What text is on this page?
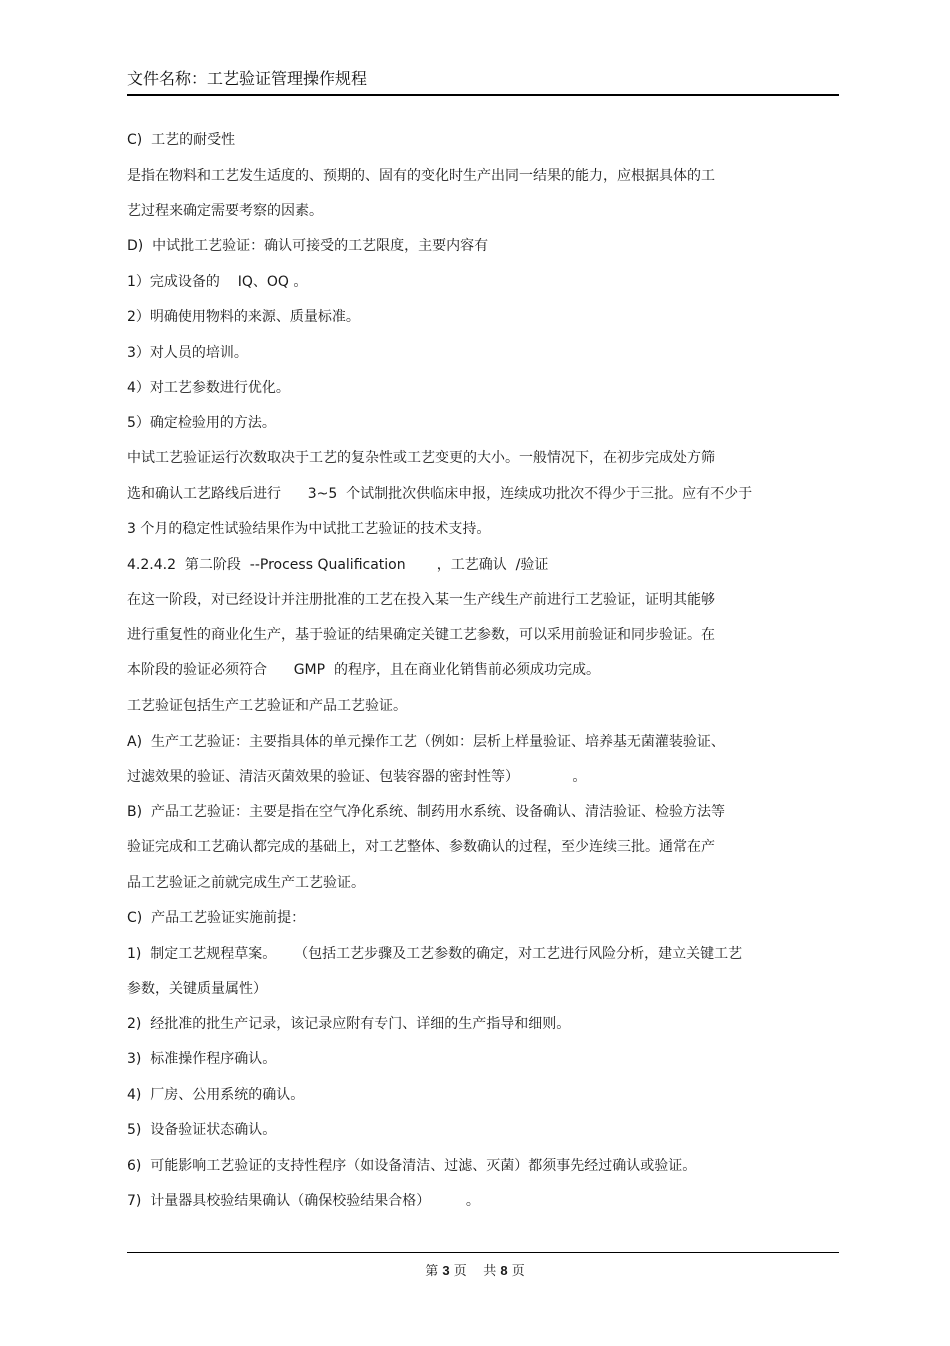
文件名称：工艺验证管理操作规程
C)  工艺的耐受性
是指在物料和工艺发生适度的、预期的、固有的变化时生产出同一结果的能力，应根据具体的工
艺过程来确定需要考察的因素。
D)  中试批工艺验证：确认可接受的工艺限度，主要内容有
1）完成设备的    IQ、OQ 。
2）明确使用物料的来源、质量标准。
3）对人员的培训。
4）对工艺参数进行优化。
5）确定检验用的方法。
中试工艺验证运行次数取决于工艺的复杂性或工艺变更的大小。一般情况下，在初步完成处方筛
选和确认工艺路线后进行      3~5  个试制批次供临床申报，连续成功批次不得少于三批。应有不少于
3 个月的稳定性试验结果作为中试批工艺验证的技术支持。
4.2.4.2  第二阶段  --Process Qualification       ，工艺确认  /验证
在这一阶段，对已经设计并注册批准的工艺在投入某一生产线生产前进行工艺验证，证明其能够
进行重复性的商业化生产，基于验证的结果确定关键工艺参数，可以采用前验证和同步验证。在
本阶段的验证必须符合      GMP  的程序，且在商业化销售前必须成功完成。
工艺验证包括生产工艺验证和产品工艺验证。
A)  生产工艺验证：主要指具体的单元操作工艺（例如：层析上样量验证、培养基无菌灌装验证、
过滤效果的验证、清洁灭菌效果的验证、包装容器的密封性等）            。
B)  产品工艺验证：主要是指在空气净化系统、制药用水系统、设备确认、清洁验证、检验方法等
验证完成和工艺确认都完成的基础上，对工艺整体、参数确认的过程，至少连续三批。通常在产
品工艺验证之前就完成生产工艺验证。
C)  产品工艺验证实施前提：
1)  制定工艺规程草案。    （包括工艺步骤及工艺参数的确定，对工艺进行风险分析，建立关键工艺
参数，关键质量属性）
2)  经批准的批生产记录，该记录应附有专门、详细的生产指导和细则。
3)  标准操作程序确认。
4)  厂房、公用系统的确认。
5)  设备验证状态确认。
6)  可能影响工艺验证的支持性程序（如设备清洁、过滤、灭菌）都须事先经过确认或验证。
7)  计量器具校验结果确认（确保校验结果合格）        。
第 3 页    共 8 页
